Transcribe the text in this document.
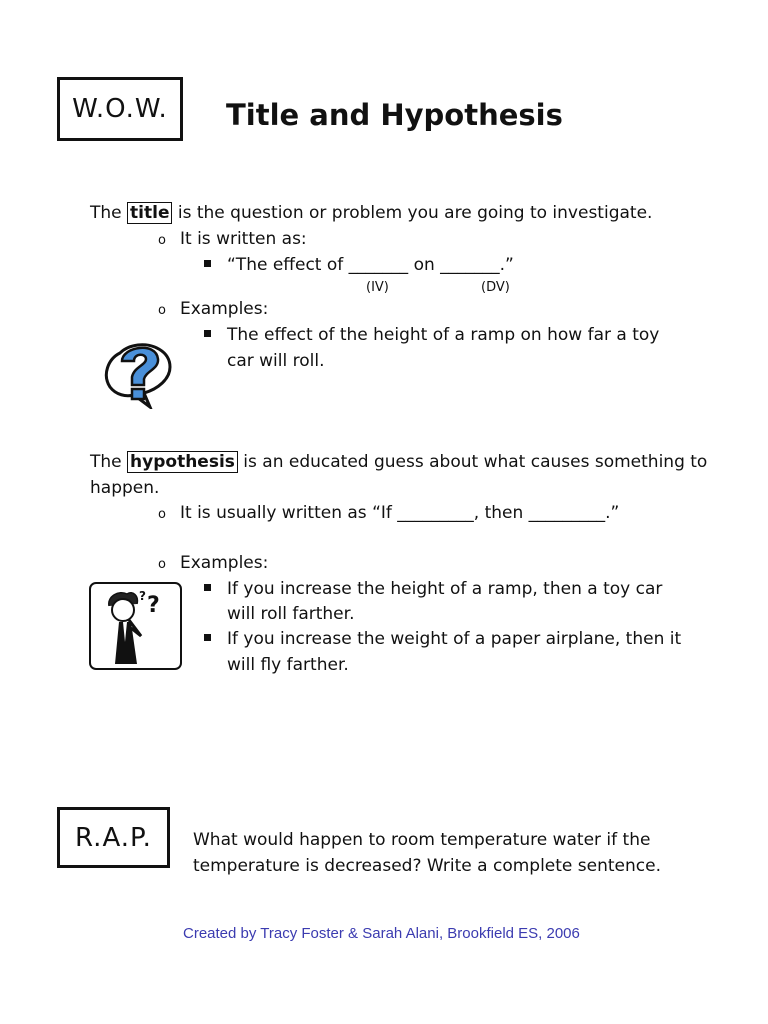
W.O.W. Title and Hypothesis
The title is the question or problem you are going to investigate.
o It is written as:
“The effect of _______ on _______.”
(IV)	(DV)
o Examples:
The effect of the height of a ramp on how far a toy
car will roll.
The hypothesis is an educated guess about what causes something to
happen.
o It is usually written as “If _________, then _________.”
o Examples:
If you increase the height of a ramp, then a toy car
will roll farther.
If you increase the weight of a paper airplane, then it
will fly farther.
?
?
R.A.P. What would happen to room temperature water if the
temperature is decreased? Write a complete sentence.
Created by Tracy Foster & Sarah Alani, Brookfield ES, 2006
